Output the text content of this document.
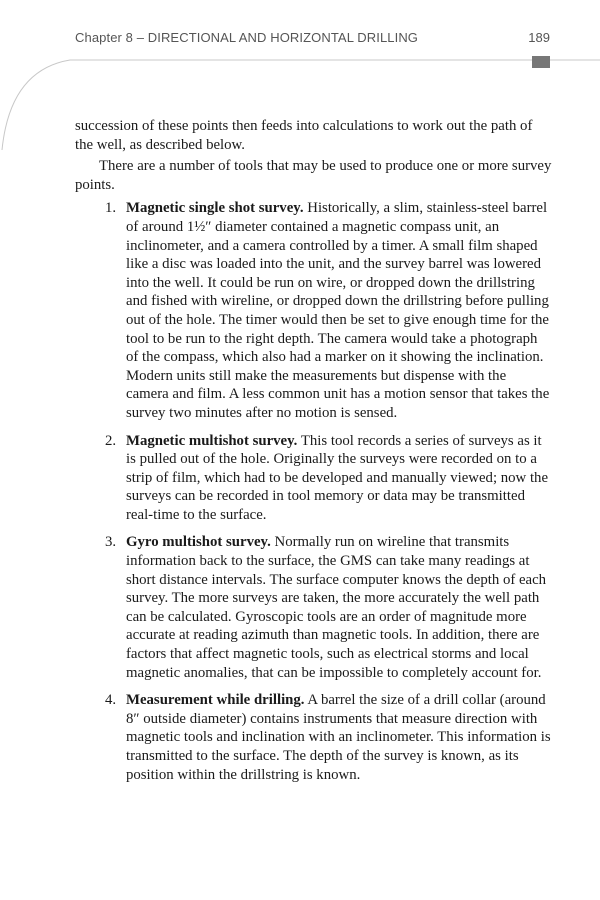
Chapter 8 – DIRECTIONAL AND HORIZONTAL DRILLING	189

succession of these points then feeds into calculations to work out the path of the well, as described below.

There are a number of tools that may be used to produce one or more survey points.

1. Magnetic single shot survey. Historically, a slim, stainless-steel barrel of around 1½″ diameter contained a magnetic compass unit, an inclinometer, and a camera controlled by a timer. A small film shaped like a disc was loaded into the unit, and the survey barrel was lowered into the well. It could be run on wire, or dropped down the drillstring and fished with wireline, or dropped down the drillstring before pulling out of the hole. The timer would then be set to give enough time for the tool to be run to the right depth. The camera would take a photograph of the compass, which also had a marker on it showing the inclination. Modern units still make the measurements but dispense with the camera and film. A less common unit has a motion sensor that takes the survey two minutes after no motion is sensed.
2. Magnetic multishot survey. This tool records a series of surveys as it is pulled out of the hole. Originally the surveys were recorded on to a strip of film, which had to be developed and manually viewed; now the surveys can be recorded in tool memory or data may be transmitted real-time to the surface.
3. Gyro multishot survey. Normally run on wireline that transmits information back to the surface, the GMS can take many readings at short distance intervals. The surface computer knows the depth of each survey. The more surveys are taken, the more accurately the well path can be calculated. Gyroscopic tools are an order of magnitude more accurate at reading azimuth than magnetic tools. In addition, there are factors that affect magnetic tools, such as electrical storms and local magnetic anomalies, that can be impossible to completely account for.
4. Measurement while drilling. A barrel the size of a drill collar (around 8″ outside diameter) contains instruments that measure direction with magnetic tools and inclination with an inclinometer. This information is transmitted to the surface. The depth of the survey is known, as its position within the drillstring is known.
